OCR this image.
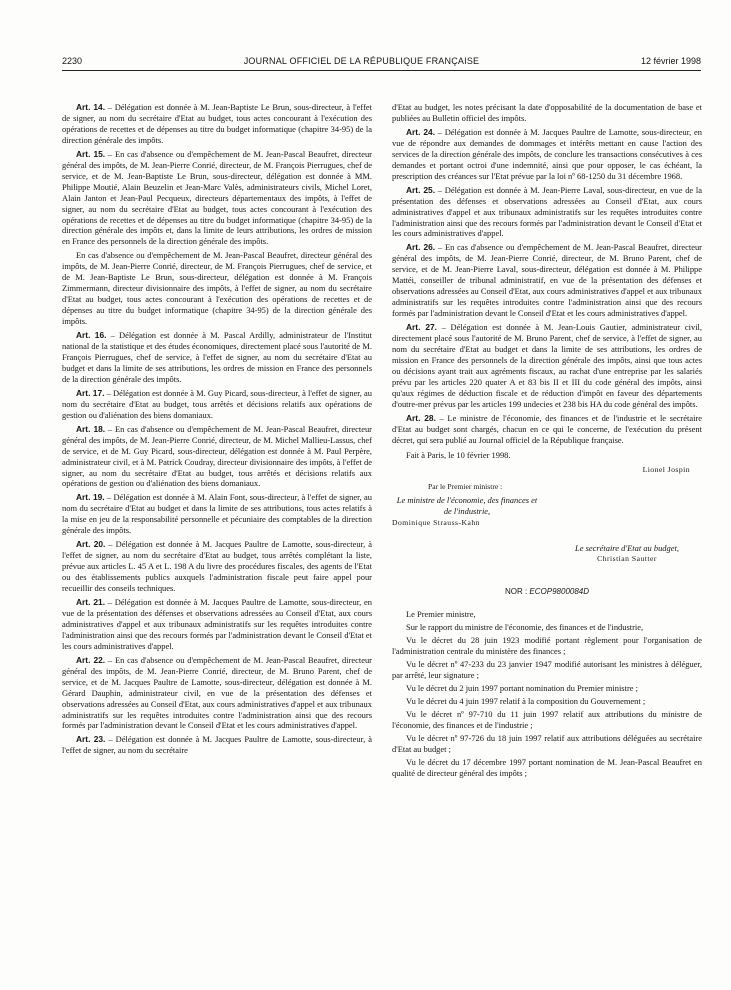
2230	JOURNAL OFFICIEL DE LA RÉPUBLIQUE FRANÇAISE	12 février 1998

Art. 14. – Délégation est donnée à M. Jean-Baptiste Le Brun, sous-directeur, à l'effet de signer, au nom du secrétaire d'Etat au budget, tous actes concourant à l'exécution des opérations de recettes et de dépenses au titre du budget informatique (chapitre 34-95) de la direction générale des impôts.

Art. 15. – En cas d'absence ou d'empêchement de M. Jean-Pascal Beaufret, directeur général des impôts, de M. Jean-Pierre Conrié, directeur, de M. François Pierrugues, chef de service, et de M. Jean-Baptiste Le Brun, sous-directeur, délégation est donnée à MM. Philippe Moutié, Alain Beuzelin et Jean-Marc Valès, administrateurs civils, Michel Loret, Alain Janton et Jean-Paul Pecqueux, directeurs départementaux des impôts, à l'effet de signer, au nom du secrétaire d'Etat au budget, tous actes concourant à l'exécution des opérations de recettes et de dépenses au titre du budget informatique (chapitre 34-95) de la direction générale des impôts et, dans la limite de leurs attributions, les ordres de mission en France des personnels de la direction générale des impôts.

En cas d'absence ou d'empêchement de M. Jean-Pascal Beaufret, directeur général des impôts, de M. Jean-Pierre Conrié, directeur, de M. François Pierrugues, chef de service, et de M. Jean-Baptiste Le Brun, sous-directeur, délégation est donnée à M. François Zimmermann, directeur divisionnaire des impôts, à l'effet de signer, au nom du secrétaire d'Etat au budget, tous actes concourant à l'exécution des opérations de recettes et de dépenses au titre du budget informatique (chapitre 34-95) de la direction générale des impôts.

Art. 16. – Délégation est donnée à M. Pascal Ardilly, administrateur de l'Institut national de la statistique et des études économiques, directement placé sous l'autorité de M. François Pierrugues, chef de service, à l'effet de signer, au nom du secrétaire d'Etat au budget et dans la limite de ses attributions, les ordres de mission en France des personnels de la direction générale des impôts.

Art. 17. – Délégation est donnée à M. Guy Picard, sous-directeur, à l'effet de signer, au nom du secrétaire d'Etat au budget, tous arrêtés et décisions relatifs aux opérations de gestion ou d'aliénation des biens domaniaux.

Art. 18. – En cas d'absence ou d'empêchement de M. Jean-Pascal Beaufret, directeur général des impôts, de M. Jean-Pierre Conrié, directeur, de M. Michel Mallieu-Lassus, chef de service, et de M. Guy Picard, sous-directeur, délégation est donnée à M. Paul Perpère, administrateur civil, et à M. Patrick Coudray, directeur divisionnaire des impôts, à l'effet de signer, au nom du secrétaire d'Etat au budget, tous arrêtés et décisions relatifs aux opérations de gestion ou d'aliénation des biens domaniaux.

Art. 19. – Délégation est donnée à M. Alain Font, sous-directeur, à l'effet de signer, au nom du secrétaire d'Etat au budget et dans la limite de ses attributions, tous actes relatifs à la mise en jeu de la responsabilité personnelle et pécuniaire des comptables de la direction générale des impôts.

Art. 20. – Délégation est donnée à M. Jacques Paultre de Lamotte, sous-directeur, à l'effet de signer, au nom du secrétaire d'Etat au budget, tous arrêtés complétant la liste, prévue aux articles L. 45 A et L. 198 A du livre des procédures fiscales, des agents de l'Etat ou des établissements publics auxquels l'administration fiscale peut faire appel pour recueillir des conseils techniques.

Art. 21. – Délégation est donnée à M. Jacques Paultre de Lamotte, sous-directeur, en vue de la présentation des défenses et observations adressées au Conseil d'Etat, aux cours administratives d'appel et aux tribunaux administratifs sur les requêtes introduites contre l'administration ainsi que des recours formés par l'administration devant le Conseil d'Etat et les cours administratives d'appel.

Art. 22. – En cas d'absence ou d'empêchement de M. Jean-Pascal Beaufret, directeur général des impôts, de M. Jean-Pierre Conrié, directeur, de M. Bruno Parent, chef de service, et de M. Jacques Paultre de Lamotte, sous-directeur, délégation est donnée à M. Gérard Dauphin, administrateur civil, en vue de la présentation des défenses et observations adressées au Conseil d'Etat, aux cours administratives d'appel et aux tribunaux administratifs sur les requêtes introduites contre l'administration ainsi que des recours formés par l'administration devant le Conseil d'Etat et les cours administratives d'appel.

Art. 23. – Délégation est donnée à M. Jacques Paultre de Lamotte, sous-directeur, à l'effet de signer, au nom du secrétaire

d'Etat au budget, les notes précisant la date d'opposabilité de la documentation de base et publiées au Bulletin officiel des impôts.

Art. 24. – Délégation est donnée à M. Jacques Paultre de Lamotte, sous-directeur, en vue de répondre aux demandes de dommages et intérêts mettant en cause l'action des services de la direction générale des impôts, de conclure les transactions consécutives à ces demandes et portant octroi d'une indemnité, ainsi que pour opposer, le cas échéant, la prescription des créances sur l'Etat prévue par la loi nº 68-1250 du 31 décembre 1968.

Art. 25. – Délégation est donnée à M. Jean-Pierre Laval, sous-directeur, en vue de la présentation des défenses et observations adressées au Conseil d'Etat, aux cours administratives d'appel et aux tribunaux administratifs sur les requêtes introduites contre l'administration ainsi que des recours formés par l'administration devant le Conseil d'Etat et les cours administratives d'appel.

Art. 26. – En cas d'absence ou d'empêchement de M. Jean-Pascal Beaufret, directeur général des impôts, de M. Jean-Pierre Conrié, directeur, de M. Bruno Parent, chef de service, et de M. Jean-Pierre Laval, sous-directeur, délégation est donnée à M. Philippe Mattéi, conseiller de tribunal administratif, en vue de la présentation des défenses et observations adressées au Conseil d'Etat, aux cours administratives d'appel et aux tribunaux administratifs sur les requêtes introduites contre l'administration ainsi que des recours formés par l'administration devant le Conseil d'Etat et les cours administratives d'appel.

Art. 27. – Délégation est donnée à M. Jean-Louis Gautier, administrateur civil, directement placé sous l'autorité de M. Bruno Parent, chef de service, à l'effet de signer, au nom du secrétaire d'Etat au budget et dans la limite de ses attributions, les ordres de mission en France des personnels de la direction générale des impôts, ainsi que tous actes ou décisions ayant trait aux agréments fiscaux, au rachat d'une entreprise par les salariés prévu par les articles 220 quater A et 83 bis II et III du code général des impôts, ainsi qu'aux régimes de déduction fiscale et de réduction d'impôt en faveur des départements d'outre-mer prévus par les articles 199 undecies et 238 bis HA du code général des impôts.

Art. 28. – Le ministre de l'économie, des finances et de l'industrie et le secrétaire d'Etat au budget sont chargés, chacun en ce qui le concerne, de l'exécution du présent décret, qui sera publié au Journal officiel de la République française.

Fait à Paris, le 10 février 1998.

Lionel Jospin
Par le Premier ministre :
Le ministre de l'économie, des finances et de l'industrie,
Dominique Strauss-Kahn
Le secrétaire d'Etat au budget,
Christian Sautter
NOR : ECOP9800084D

Le Premier ministre,

Sur le rapport du ministre de l'économie, des finances et de l'industrie,

Vu le décret du 28 juin 1923 modifié portant règlement pour l'organisation de l'administration centrale du ministère des finances ;

Vu le décret nº 47-233 du 23 janvier 1947 modifié autorisant les ministres à déléguer, par arrêté, leur signature ;

Vu le décret du 2 juin 1997 portant nomination du Premier ministre ;

Vu le décret du 4 juin 1997 relatif à la composition du Gouvernement ;

Vu le décret nº 97-710 du 11 juin 1997 relatif aux attributions du ministre de l'économie, des finances et de l'industrie ;

Vu le décret nº 97-726 du 18 juin 1997 relatif aux attributions déléguées au secrétaire d'Etat au budget ;

Vu le décret du 17 décembre 1997 portant nomination de M. Jean-Pascal Beaufret en qualité de directeur général des impôts ;
